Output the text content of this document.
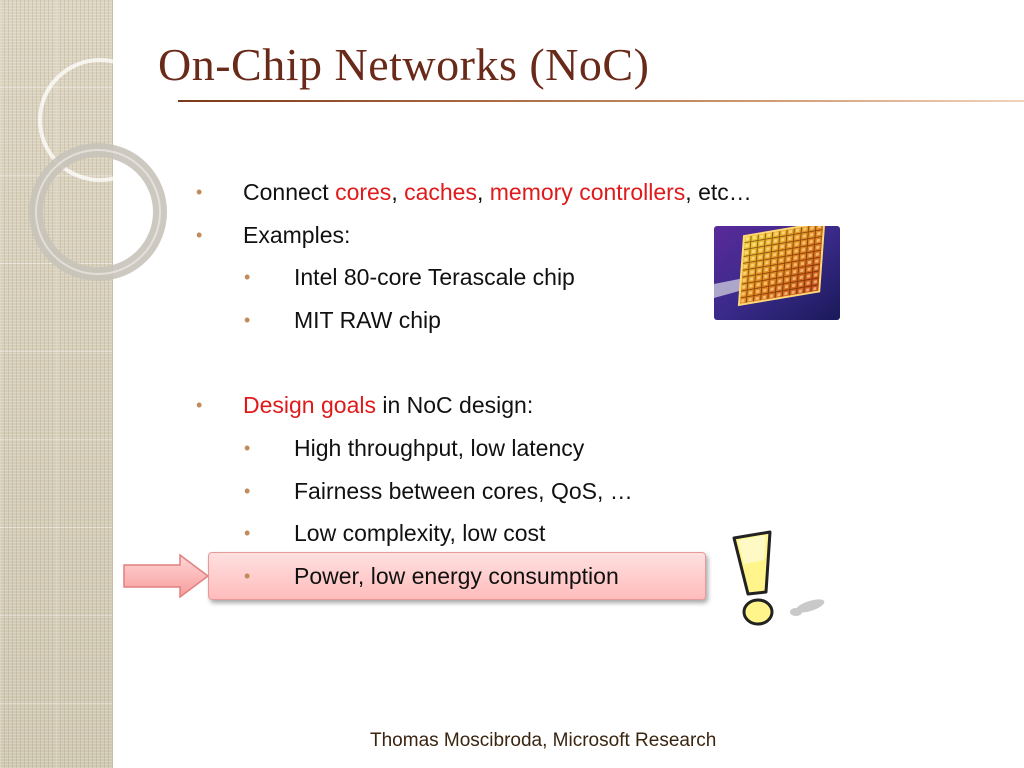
On-Chip Networks (NoC)
• Connect cores, caches, memory controllers, etc…
• Examples:
• Intel 80-core Terascale chip
• MIT RAW chip
• Design goals in NoC design:
• High throughput, low latency
• Fairness between cores, QoS, …
• Low complexity, low cost
• Power, low energy consumption
Thomas Moscibroda, Microsoft Research
